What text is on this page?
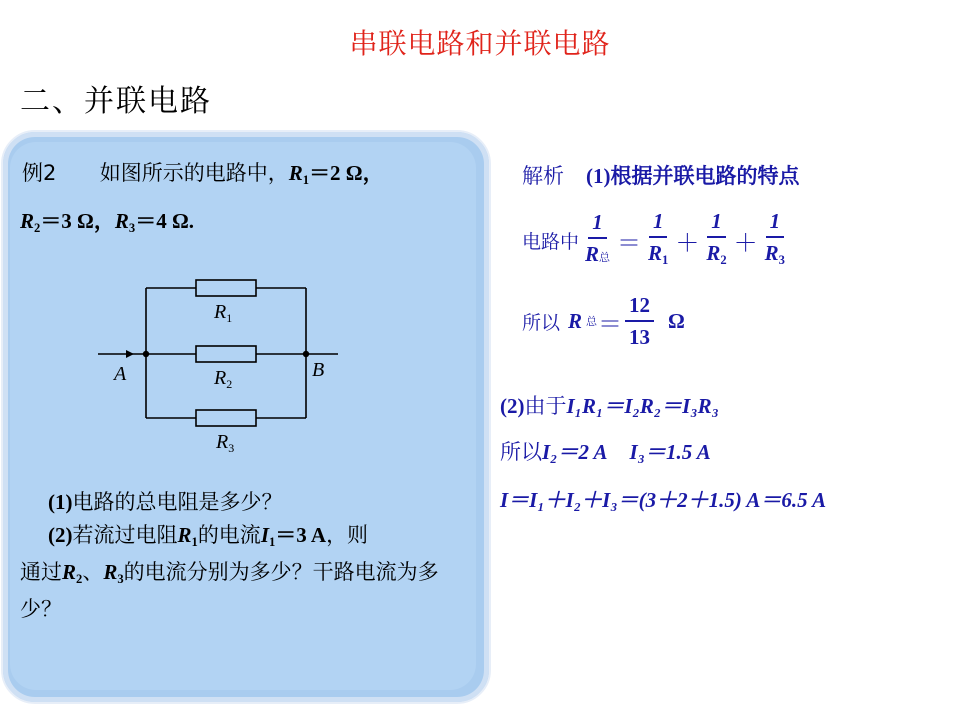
串联电路和并联电路
二、并联电路
例2 如图所示的电路中，$R_1=2$ Ω，
$R_2=3$ Ω，$R_3=4$ Ω.
$R_1$
$R_2$
$R_3$
A	B
(1)电路的总电阻是多少？
(2)若流过电阻$R_1$的电流$I_1=3$ A，则
通过$R_2$、$R_3$的电流分别为多少？干路电流为多少？
解析 (1)根据并联电路的特点
电路中 $\frac{1}{\text{R总}} = \frac{1}{R_1} + \frac{1}{R_2} + \frac{1}{R_3}$
所以 R 总 ＝ $\frac{12}{13}$ Ω
(2)由于I₁R₁＝I₂R₂＝I₃R₃
所以I₂＝2 A I₃＝1.5 A
I＝I₁＋I₂＋I₃＝(3＋2＋1.5) A＝6.5 A
